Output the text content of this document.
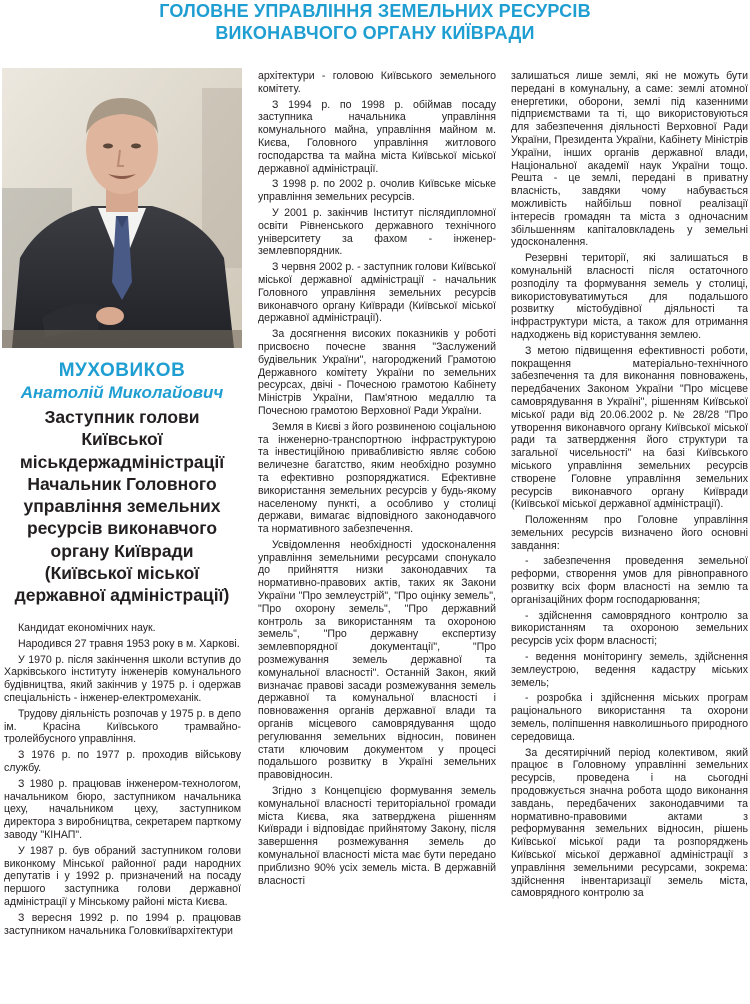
ГОЛОВНЕ УПРАВЛІННЯ ЗЕМЕЛЬНИХ РЕСУРСІВ
ВИКОНАВЧОГО ОРГАНУ КИЇВРАДИ
МУХОВИКОВ
Анатолій Миколайович
Заступник голови
Київської
міськдержадміністрації
Начальник Головного
управління земельних
ресурсів виконавчого
органу Київради
(Київської міської
державної адміністрації)

Кандидат економічних наук.

Народився 27 травня 1953 року в м. Харкові.

У 1970 р. після закінчення школи вступив до Харківського інституту інженерів комунального будівництва, який закінчив у 1975 р. і одержав спеціальність - інженер-електромеханік.

Трудову діяльність розпочав у 1975 р. в депо ім. Красіна Київського трамвайно-тролейбусного управління.

З 1976 р. по 1977 р. проходив військову службу.

З 1980 р. працював інженером-технологом, начальником бюро, заступником начальника цеху, начальником цеху, заступником директора з виробництва, секретарем парткому заводу "КІНАП".

У 1987 р. був обраний заступником голови виконкому Мінської районної ради народних депутатів і у 1992 р. призначений на посаду першого заступника голови державної адміністрації у Мінському районі міста Києва.

З вересня 1992 р. по 1994 р. працював заступником начальника Головкиївархітектури

архітектури - головою Київського земельного комітету.

З 1994 р. по 1998 р. обіймав посаду заступника начальника управління комунального майна, управління майном м. Києва, Головного управління житлового господарства та майна міста Київської міської державної адміністрації.

З 1998 р. по 2002 р. очолив Київське міське управління земельних ресурсів.

У 2001 р. закінчив Інститут післядипломної освіти Рівненського державного технічного університету за фахом - інженер-землевпорядник.

З червня 2002 р. - заступник голови Київської міської державної адміністрації - начальник Головного управління земельних ресурсів виконавчого органу Київради (Київської міської державної адміністрації).

За досягнення високих показників у роботі присвоєно почесне звання "Заслужений будівельник України", нагороджений Грамотою Державного комітету України по земельних ресурсах, двічі - Почесною грамотою Кабінету Міністрів України, Пам'ятною медаллю та Почесною грамотою Верховної Ради України.

Земля в Києві з його розвиненою соціальною та інженерно-транспортною інфраструктурою та інвестиційною привабливістю являє собою величезне багатство, яким необхідно розумно та ефективно розпоряджатися. Ефективне використання земельних ресурсів у будь-якому населеному пункті, а особливо у столиці держави, вимагає відповідного законодавчого та нормативного забезпечення.

Усвідомлення необхідності удосконалення управління земельними ресурсами спонукало до прийняття низки законодавчих та нормативно-правових актів, таких як Закони України "Про землеустрій", "Про оцінку земель", "Про охорону земель", "Про державний контроль за використанням та охороною земель", "Про державну експертизу землевпорядної документації", "Про розмежування земель державної та комунальної власності". Останній Закон, який визначає правові засади розмежування земель державної та комунальної власності і повноваження органів державної влади та органів місцевого самоврядування щодо регулювання земельних відносин, повинен стати ключовим документом у процесі подальшого розвитку в Україні земельних правовідносин.

Згідно з Концепцією формування земель комунальної власності територіальної громади міста Києва, яка затверджена рішенням Київради і відповідає прийнятому Закону, після завершення розмежування земель до комунальної власності міста має бути передано приблизно 90% усіх земель міста. В державній власності

залишаться лише землі, які не можуть бути передані в комунальну, а саме: землі атомної енергетики, оборони, землі під казенними підприємствами та ті, що використовуються для забезпечення діяльності Верховної Ради України, Президента України, Кабінету Міністрів України, інших органів державної влади, Національної академії наук України тощо. Решта - це землі, передані в приватну власність, завдяки чому набувається можливість найбільш повної реалізації інтересів громадян та міста з одночасним збільшенням капіталовкладень у земельні удосконалення.

Резервні території, які залишаться в комунальній власності після остаточного розподілу та формування земель у столиці, використовуватимуться для подальшого розвитку містобудівної діяльності та інфраструктури міста, а також для отримання надходжень від користування землею.

З метою підвищення ефективності роботи, покращення матеріально-технічного забезпечення та для виконання повноважень, передбачених Законом України "Про місцеве самоврядування в Україні", рішенням Київської міської ради від 20.06.2002 р. № 28/28 "Про утворення виконавчого органу Київської міської ради та затвердження його структури та загальної чисельності" на базі Київського міського управління земельних ресурсів створене Головне управління земельних ресурсів виконавчого органу Київради (Київської міської державної адміністрації).

Положенням про Головне управління земельних ресурсів визначено його основні завдання:

- забезпечення проведення земельної реформи, створення умов для рівноправного розвитку всіх форм власності на землю та організаційних форм господарювання;

- здійснення самоврядного контролю за використанням та охороною земельних ресурсів усіх форм власності;

- ведення моніторингу земель, здійснення землеустрою, ведення кадастру міських земель;

- розробка і здійснення міських програм раціонального використання та охорони земель, поліпшення навколишнього природного середовища.

За десятирічний період колективом, який працює в Головному управлінні земельних ресурсів, проведена і на сьогодні продовжується значна робота щодо виконання завдань, передбачених законодавчими та нормативно-правовими актами з реформування земельних відносин, рішень Київської міської ради та розпоряджень Київської міської державної адміністрації з управління земельними ресурсами, зокрема: здійснення інвентаризації земель міста, самоврядного контролю за
